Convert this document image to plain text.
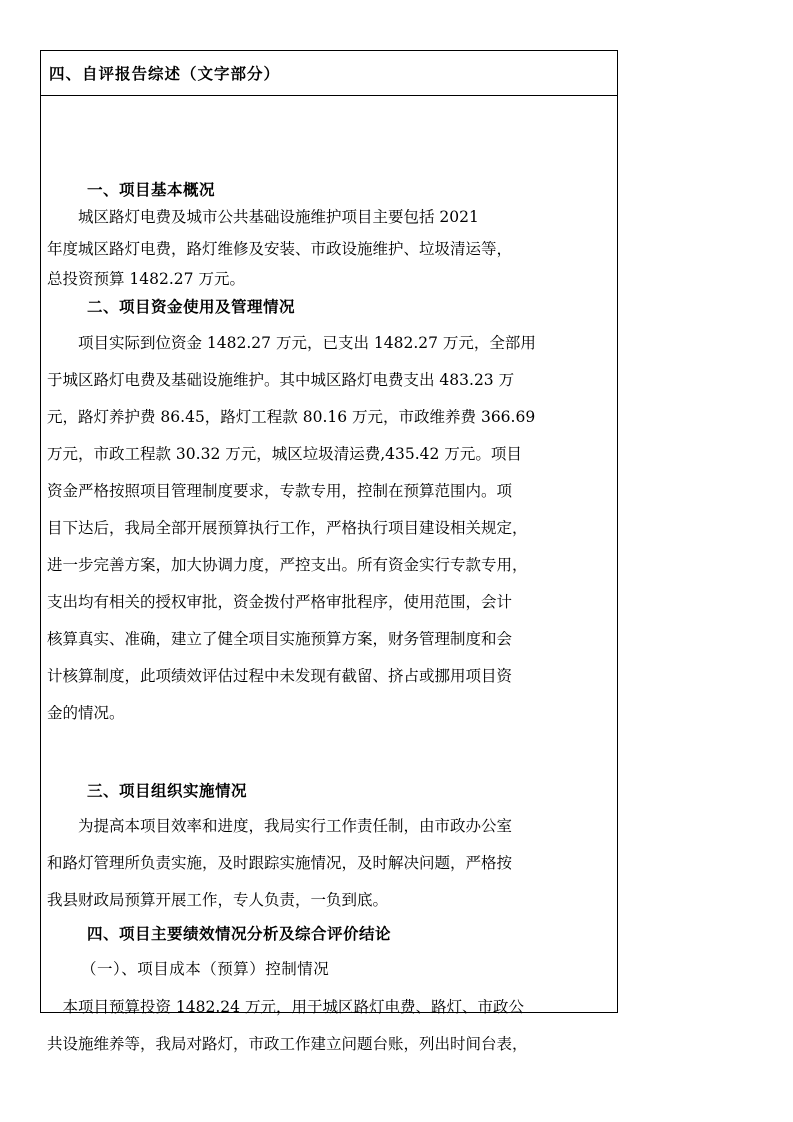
四、自评报告综述（文字部分）
一、项目基本概况
　　城区路灯电费及城市公共基础设施维护项目主要包括 2021
年度城区路灯电费，路灯维修及安装、市政设施维护、垃圾清运等，
总投资预算 1482.27 万元。
二、项目资金使用及管理情况
　　项目实际到位资金 1482.27 万元，已支出 1482.27 万元，全部用
于城区路灯电费及基础设施维护。其中城区路灯电费支出 483.23 万
元，路灯养护费 86.45，路灯工程款 80.16 万元，市政维养费 366.69
万元，市政工程款 30.32 万元，城区垃圾清运费,435.42 万元。项目
资金严格按照项目管理制度要求，专款专用，控制在预算范围内。项
目下达后，我局全部开展预算执行工作，严格执行项目建设相关规定，
进一步完善方案，加大协调力度，严控支出。所有资金实行专款专用，
支出均有相关的授权审批，资金拨付严格审批程序，使用范围，会计
核算真实、准确，建立了健全项目实施预算方案，财务管理制度和会
计核算制度，此项绩效评估过程中未发现有截留、挤占或挪用项目资
金的情况。
三、项目组织实施情况
　　为提高本项目效率和进度，我局实行工作责任制，由市政办公室
和路灯管理所负责实施，及时跟踪实施情况，及时解决问题，严格按
我县财政局预算开展工作，专人负责，一负到底。
四、项目主要绩效情况分析及综合评价结论
（一）、项目成本（预算）控制情况
　本项目预算投资 1482.24 万元，用于城区路灯电费、路灯、市政公
共设施维养等，我局对路灯，市政工作建立问题台账，列出时间台表，
